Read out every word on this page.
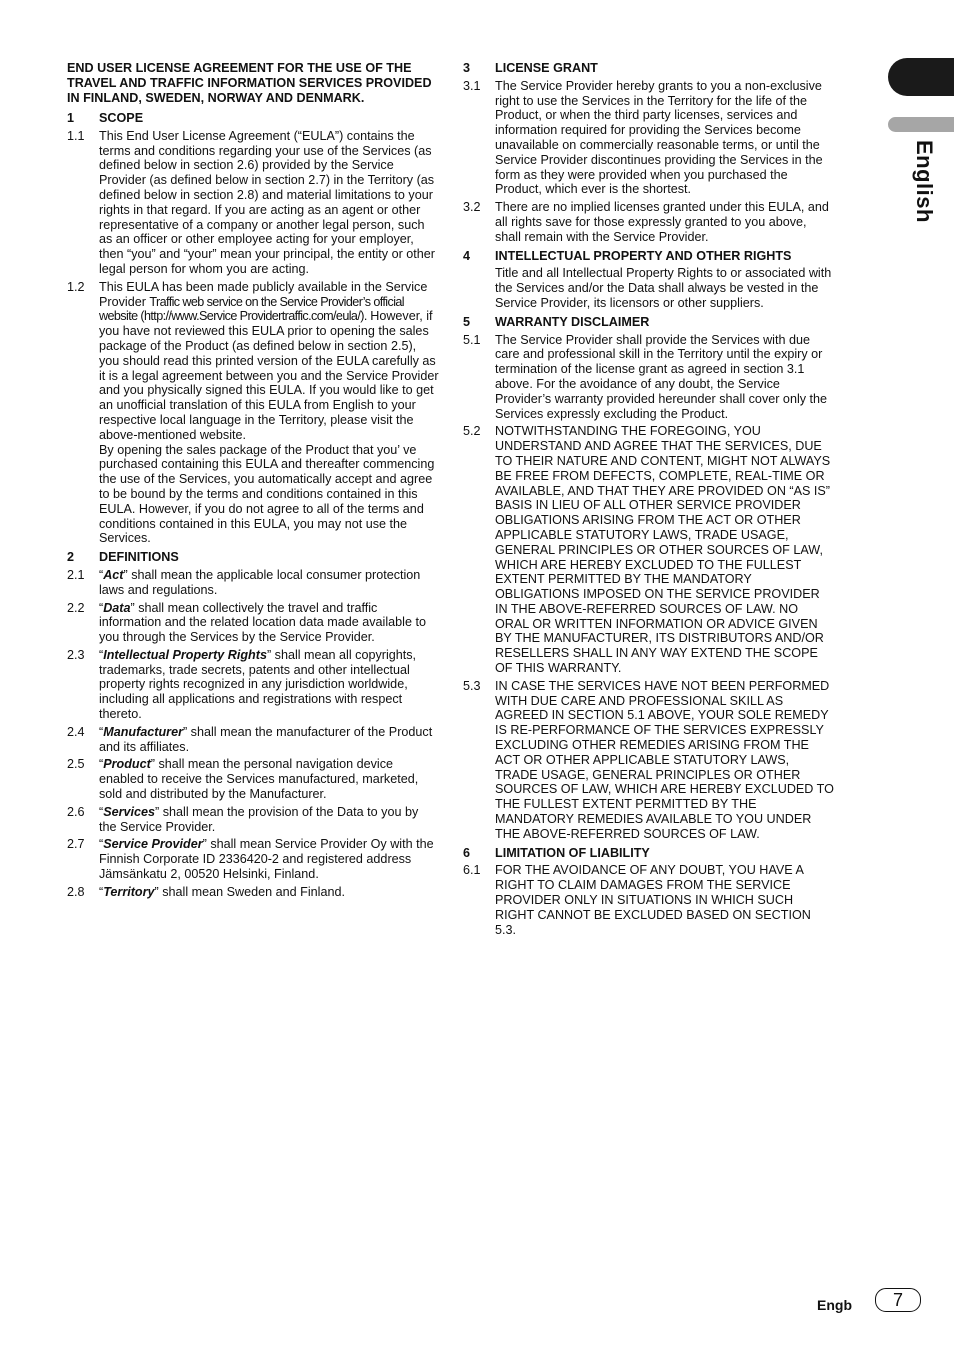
English
END USER LICENSE AGREEMENT FOR THE USE OF THE TRAVEL AND TRAFFIC INFORMATION SERVICES PROVIDED IN FINLAND, SWEDEN, NORWAY AND DENMARK.
1	SCOPE
1.1	This End User License Agreement (“EULA”) contains the terms and conditions regarding your use of the Services (as defined below in section 2.6) provided by the Service Provider (as defined below in section 2.7) in the Territory (as defined below in section 2.8) and material limitations to your rights in that regard. If you are acting as an agent or other representative of a company or another legal person, such as an officer or other employee acting for your employer, then “you” and “your” mean your principal, the entity or other legal person for whom you are acting.
1.2	This EULA has been made publicly available in the Service Provider Traffic web service on the Service Provider’s official website (http://www.Service Providertraffic.com/eula/). However, if you have not reviewed this EULA prior to opening the sales package of the Product (as defined below in section 2.5), you should read this printed version of the EULA carefully as it is a legal agreement between you and the Service Provider and you physically signed this EULA. If you would like to get an unofficial translation of this EULA from English to your respective local language in the Territory, please visit the above-mentioned website.
By opening the sales package of the Product that you’ ve purchased containing this EULA and thereafter commencing the use of the Services, you automatically accept and agree to be bound by the terms and conditions contained in this EULA. However, if you do not agree to all of the terms and conditions contained in this EULA, you may not use the Services.
2	DEFINITIONS
2.1	“Act” shall mean the applicable local consumer protection laws and regulations.
2.2	“Data” shall mean collectively the travel and traffic information and the related location data made available to you through the Services by the Service Provider.
2.3	“Intellectual Property Rights” shall mean all copyrights, trademarks, trade secrets, patents and other intellectual property rights recognized in any jurisdiction worldwide, including all applications and registrations with respect thereto.
2.4	“Manufacturer” shall mean the manufacturer of the Product and its affiliates.
2.5	“Product” shall mean the personal navigation device enabled to receive the Services manufactured, marketed, sold and distributed by the Manufacturer.
2.6	“Services” shall mean the provision of the Data to you by the Service Provider.
2.7	“Service Provider” shall mean Service Provider Oy with the Finnish Corporate ID 2336420-2 and registered address Jämsänkatu 2, 00520 Helsinki, Finland.
2.8	“Territory” shall mean Sweden and Finland.
3	LICENSE GRANT
3.1	The Service Provider hereby grants to you a non-exclusive right to use the Services in the Territory for the life of the Product, or when the third party licenses, services and information required for providing the Services become unavailable on commercially reasonable terms, or until the Service Provider discontinues providing the Services in the form as they were provided when you purchased the Product, which ever is the shortest.
3.2	There are no implied licenses granted under this EULA, and all rights save for those expressly granted to you above, shall remain with the Service Provider.
4	INTELLECTUAL PROPERTY AND OTHER RIGHTS
Title and all Intellectual Property Rights to or associated with the Services and/or the Data shall always be vested in the Service Provider, its licensors or other suppliers.
5	WARRANTY DISCLAIMER
5.1	The Service Provider shall provide the Services with due care and professional skill in the Territory until the expiry or termination of the license grant as agreed in section 3.1 above. For the avoidance of any doubt, the Service Provider’s warranty provided hereunder shall cover only the Services expressly excluding the Product.
5.2	NOTWITHSTANDING THE FOREGOING, YOU UNDERSTAND AND AGREE THAT THE SERVICES, DUE TO THEIR NATURE AND CONTENT, MIGHT NOT ALWAYS BE FREE FROM DEFECTS, COMPLETE, REAL-TIME OR AVAILABLE, AND THAT THEY ARE PROVIDED ON “AS IS” BASIS IN LIEU OF ALL OTHER SERVICE PROVIDER OBLIGATIONS ARISING FROM THE ACT OR OTHER APPLICABLE STATUTORY LAWS, TRADE USAGE, GENERAL PRINCIPLES OR OTHER SOURCES OF LAW, WHICH ARE HEREBY EXCLUDED TO THE FULLEST EXTENT PERMITTED BY THE MANDATORY OBLIGATIONS IMPOSED ON THE SERVICE PROVIDER IN THE ABOVE-REFERRED SOURCES OF LAW. NO ORAL OR WRITTEN INFORMATION OR ADVICE GIVEN BY THE MANUFACTURER, ITS DISTRIBUTORS AND/OR RESELLERS SHALL IN ANY WAY EXTEND THE SCOPE OF THIS WARRANTY.
5.3	IN CASE THE SERVICES HAVE NOT BEEN PERFORMED WITH DUE CARE AND PROFESSIONAL SKILL AS AGREED IN SECTION 5.1 ABOVE, YOUR SOLE REMEDY IS RE-PERFORMANCE OF THE SERVICES EXPRESSLY EXCLUDING OTHER REMEDIES ARISING FROM THE ACT OR OTHER APPLICABLE STATUTORY LAWS, TRADE USAGE, GENERAL PRINCIPLES OR OTHER SOURCES OF LAW, WHICH ARE HEREBY EXCLUDED TO THE FULLEST EXTENT PERMITTED BY THE MANDATORY REMEDIES AVAILABLE TO YOU UNDER THE ABOVE-REFERRED SOURCES OF LAW.
6	LIMITATION OF LIABILITY
6.1	FOR THE AVOIDANCE OF ANY DOUBT, YOU HAVE A RIGHT TO CLAIM DAMAGES FROM THE SERVICE PROVIDER ONLY IN SITUATIONS IN WHICH SUCH RIGHT CANNOT BE EXCLUDED BASED ON SECTION 5.3.
Engb 7
